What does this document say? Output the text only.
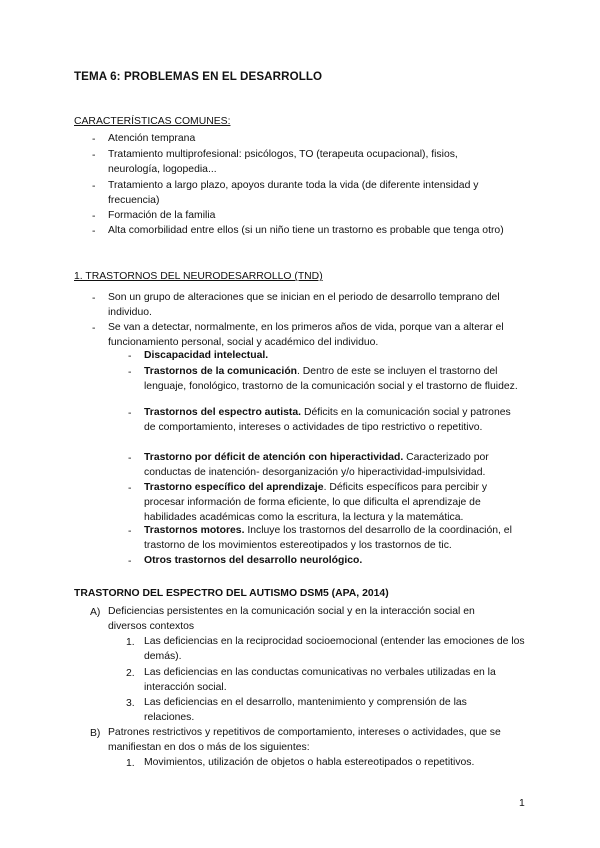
TEMA 6: PROBLEMAS EN EL DESARROLLO
CARACTERÍSTICAS COMUNES:
- Atención temprana
- Tratamiento multiprofesional: psicólogos, TO (terapeuta ocupacional), fisios, neurología, logopedia...
- Tratamiento a largo plazo, apoyos durante toda la vida (de diferente intensidad y frecuencia)
- Formación de la familia
- Alta comorbilidad entre ellos (si un niño tiene un trastorno es probable que tenga otro)
1. TRASTORNOS DEL NEURODESARROLLO (TND)
- Son un grupo de alteraciones que se inician en el periodo de desarrollo temprano del individuo.
- Se van a detectar, normalmente, en los primeros años de vida, porque van a alterar el funcionamiento personal, social y académico del individuo.
- Discapacidad intelectual.
- Trastornos de la comunicación. Dentro de este se incluyen el trastorno del lenguaje, fonológico, trastorno de la comunicación social y el trastorno de fluidez.
- Trastornos del espectro autista. Déficits en la comunicación social y patrones de comportamiento, intereses o actividades de tipo restrictivo o repetitivo.
- Trastorno por déficit de atención con hiperactividad. Caracterizado por conductas de inatención- desorganización y/o hiperactividad-impulsividad.
- Trastorno específico del aprendizaje. Déficits específicos para percibir y procesar información de forma eficiente, lo que dificulta el aprendizaje de habilidades académicas como la escritura, la lectura y la matemática.
- Trastornos motores. Incluye los trastornos del desarrollo de la coordinación, el trastorno de los movimientos estereotipados y los trastornos de tic.
- Otros trastornos del desarrollo neurológico.
TRASTORNO DEL ESPECTRO DEL AUTISMO DSM5 (APA, 2014)
A) Deficiencias persistentes en la comunicación social y en la interacción social en diversos contextos
1. Las deficiencias en la reciprocidad socioemocional (entender las emociones de los demás).
2. Las deficiencias en las conductas comunicativas no verbales utilizadas en la interacción social.
3. Las deficiencias en el desarrollo, mantenimiento y comprensión de las relaciones.
B) Patrones restrictivos y repetitivos de comportamiento, intereses o actividades, que se manifiestan en dos o más de los siguientes:
1. Movimientos, utilización de objetos o habla estereotipados o repetitivos.
1
